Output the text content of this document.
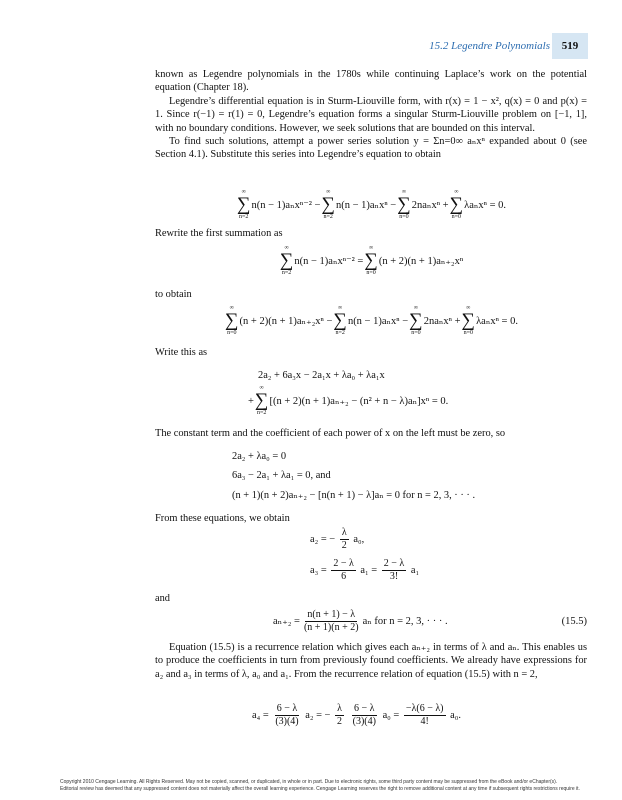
15.2 Legendre Polynomials 519

known as Legendre polynomials in the 1780s while continuing Laplace’s work on the potential equation (Chapter 18).

Legendre’s differential equation is in Sturm-Liouville form, with r(x) = 1 − x², q(x) = 0 and p(x) = 1. Since r(−1) = r(1) = 0, Legendre’s equation forms a singular Sturm-Liouville problem on [−1, 1], with no boundary conditions. However, we seek solutions that are bounded on this interval.

To find such solutions, attempt a power series solution y = Σn=0∞ aₙxⁿ expanded about 0 (see Section 4.1). Substitute this series into Legendre’s equation to obtain

∞
∑
n=2
n(n − 1)aₙxⁿ⁻² −
∞
∑
n=2
n(n − 1)aₙxⁿ −
∞
∑
n=0
2naₙxⁿ +
∞
∑
n=0
λaₙxⁿ = 0.
Rewrite the first summation as
∞
∑
n=2
n(n − 1)aₙxⁿ⁻² =
∞
∑
n=0
(n + 2)(n + 1)aₙ₊₂xⁿ
to obtain
∞
∑
n=0
(n + 2)(n + 1)aₙ₊₂xⁿ −
∞
∑
n=2
n(n − 1)aₙxⁿ −
∞
∑
n=0
2naₙxⁿ +
∞
∑
n=0
λaₙxⁿ = 0.
Write this as
2a₂ + 6a₃x − 2a₁x + λa₀ + λa₁x
+
∞
∑
n=2
[(n + 2)(n + 1)aₙ₊₂ − (n² + n − λ)aₙ]xⁿ = 0.
The constant term and the coefficient of each power of x on the left must be zero, so
2a₂ + λa₀ = 0
6a₃ − 2a₁ + λa₁ = 0, and
(n + 1)(n + 2)aₙ₊₂ − [n(n + 1) − λ]aₙ = 0 for n = 2, 3, · · · .
From these equations, we obtain
a₂ = − $\frac{\lambda}{2} a_0$,
$a_3 = \frac{2 - \lambda}{6} a_1 = \frac{2 - \lambda}{3!} a_1$
and
$a_{n+2} = \frac{n(n + 1) - \lambda}{(n + 1)(n + 2)}$ aₙ for n = 2, 3, · · · .	(15.5)

Equation (15.5) is a recurrence relation which gives each aₙ₊₂ in terms of λ and aₙ. This enables us to produce the coefficients in turn from previously found coefficients. We already have expressions for a₂ and a₃ in terms of λ, a₀ and a₁. From the recurrence relation of equation (15.5) with n = 2,

$a_4 = \frac{6 - \lambda}{(3)(4)} a_2$ = − $\frac{\lambda}{2}$
$\frac{6 - \lambda}{(3)(4)} a_0 = \frac{-\lambda(6 - \lambda)}{4!} a_0$.
Copyright 2010 Cengage Learning. All Rights Reserved. May not be copied, scanned, or duplicated, in whole or in part. Due to electronic rights, some third party content may be suppressed from the eBook and/or eChapter(s).
Editorial review has deemed that any suppressed content does not materially affect the overall learning experience. Cengage Learning reserves the right to remove additional content at any time if subsequent rights restrictions require it.
